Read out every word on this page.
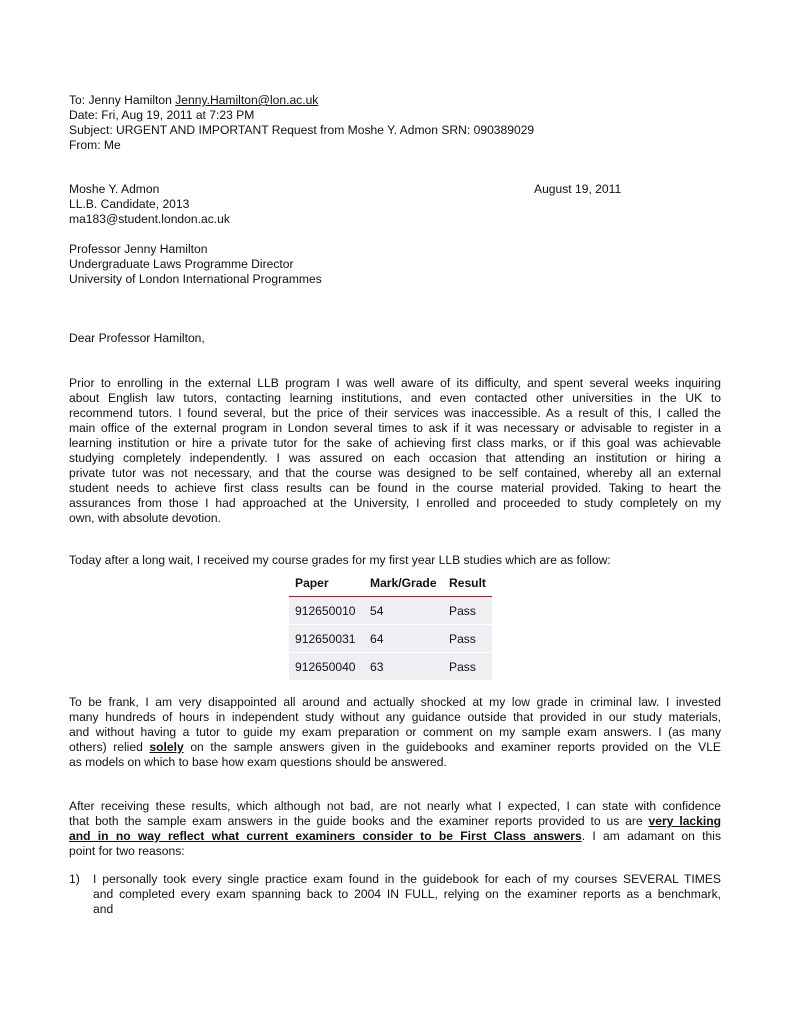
To: Jenny Hamilton Jenny.Hamilton@lon.ac.uk
Date: Fri, Aug 19, 2011 at 7:23 PM
Subject: URGENT AND IMPORTANT Request from Moshe Y. Admon SRN: 090389029
From: Me
Moshe Y. Admon
LL.B. Candidate, 2013
ma183@student.london.ac.uk
August 19, 2011
Professor Jenny Hamilton
Undergraduate Laws Programme Director
University of London International Programmes
Dear Professor Hamilton,
Prior to enrolling in the external LLB program I was well aware of its difficulty, and spent several weeks inquiring
about English law tutors, contacting learning institutions, and even contacted other universities in the UK to
recommend tutors. I found several, but the price of their services was inaccessible. As a result of this, I called the
main office of the external program in London several times to ask if it was necessary or advisable to register in a
learning institution or hire a private tutor for the sake of achieving first class marks, or if this goal was achievable
studying completely independently. I was assured on each occasion that attending an institution or hiring a
private tutor was not necessary, and that the course was designed to be self contained, whereby all an external
student needs to achieve first class results can be found in the course material provided. Taking to heart the
assurances from those I had approached at the University, I enrolled and proceeded to study completely on my
own, with absolute devotion.
Today after a long wait, I received my course grades for my first year LLB studies which are as follow:
Paper	Mark/Grade	Result
912650010	54	Pass
912650031	64	Pass
912650040	63	Pass
To be frank, I am very disappointed all around and actually shocked at my low grade in criminal law. I invested
many hundreds of hours in independent study without any guidance outside that provided in our study materials,
and without having a tutor to guide my exam preparation or comment on my sample exam answers. I (as many
others) relied solely on the sample answers given in the guidebooks and examiner reports provided on the VLE
as models on which to base how exam questions should be answered.
After receiving these results, which although not bad, are not nearly what I expected, I can state with confidence
that both the sample exam answers in the guide books and the examiner reports provided to us are very lacking
and in no way reflect what current examiners consider to be First Class answers. I am adamant on this
point for two reasons:
1) I personally took every single practice exam found in the guidebook for each of my courses SEVERAL TIMES
and completed every exam spanning back to 2004 IN FULL, relying on the examiner reports as a benchmark,
and
